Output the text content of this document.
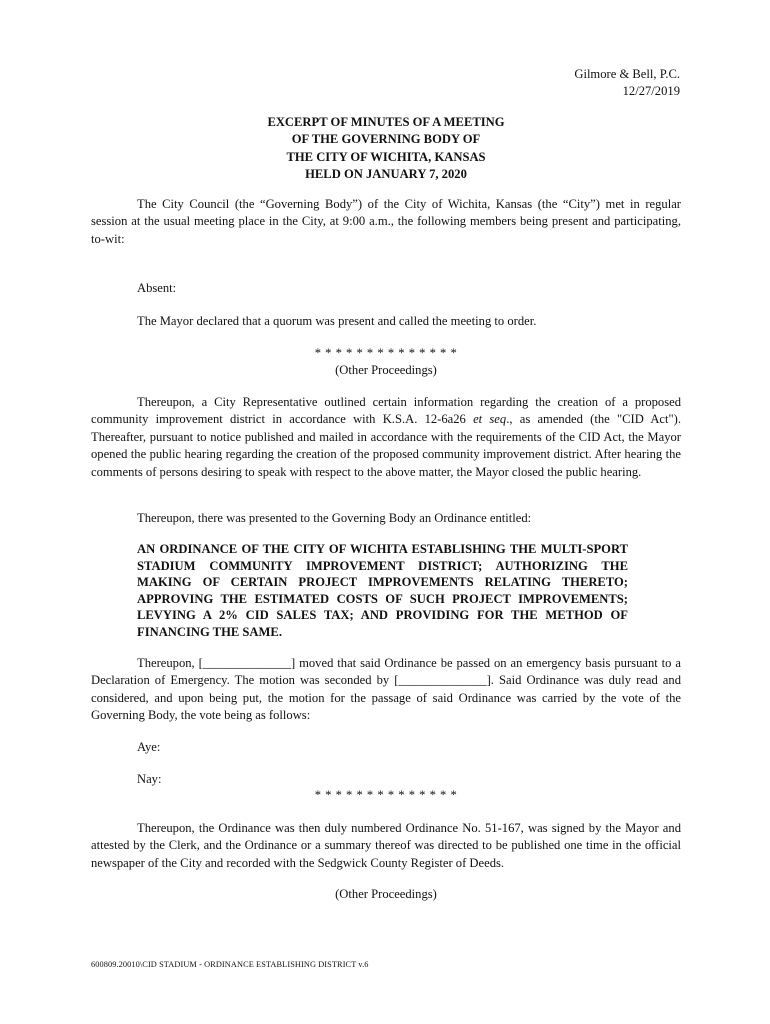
Gilmore & Bell, P.C.
12/27/2019
EXCERPT OF MINUTES OF A MEETING
OF THE GOVERNING BODY OF
THE CITY OF WICHITA, KANSAS
HELD ON JANUARY 7, 2020
The City Council (the “Governing Body”) of the City of Wichita, Kansas (the “City”) met in regular session at the usual meeting place in the City, at 9:00 a.m., the following members being present and participating, to-wit:
Absent:
The Mayor declared that a quorum was present and called the meeting to order.
* * * * * * * * * * * * * *
(Other Proceedings)
Thereupon, a City Representative outlined certain information regarding the creation of a proposed community improvement district in accordance with K.S.A. 12-6a26 et seq., as amended (the "CID Act"). Thereafter, pursuant to notice published and mailed in accordance with the requirements of the CID Act, the Mayor opened the public hearing regarding the creation of the proposed community improvement district. After hearing the comments of persons desiring to speak with respect to the above matter, the Mayor closed the public hearing.
Thereupon, there was presented to the Governing Body an Ordinance entitled:
AN ORDINANCE OF THE CITY OF WICHITA ESTABLISHING THE MULTI-SPORT STADIUM COMMUNITY IMPROVEMENT DISTRICT; AUTHORIZING THE MAKING OF CERTAIN PROJECT IMPROVEMENTS RELATING THERETO; APPROVING THE ESTIMATED COSTS OF SUCH PROJECT IMPROVEMENTS; LEVYING A 2% CID SALES TAX; AND PROVIDING FOR THE METHOD OF FINANCING THE SAME.
Thereupon, [______________] moved that said Ordinance be passed on an emergency basis pursuant to a Declaration of Emergency. The motion was seconded by [______________]. Said Ordinance was duly read and considered, and upon being put, the motion for the passage of said Ordinance was carried by the vote of the Governing Body, the vote being as follows:
Aye:
Nay:
* * * * * * * * * * * * * *
Thereupon, the Ordinance was then duly numbered Ordinance No. 51-167, was signed by the Mayor and attested by the Clerk, and the Ordinance or a summary thereof was directed to be published one time in the official newspaper of the City and recorded with the Sedgwick County Register of Deeds.
(Other Proceedings)
600809.20010\CID STADIUM - ORDINANCE ESTABLISHING DISTRICT v.6
